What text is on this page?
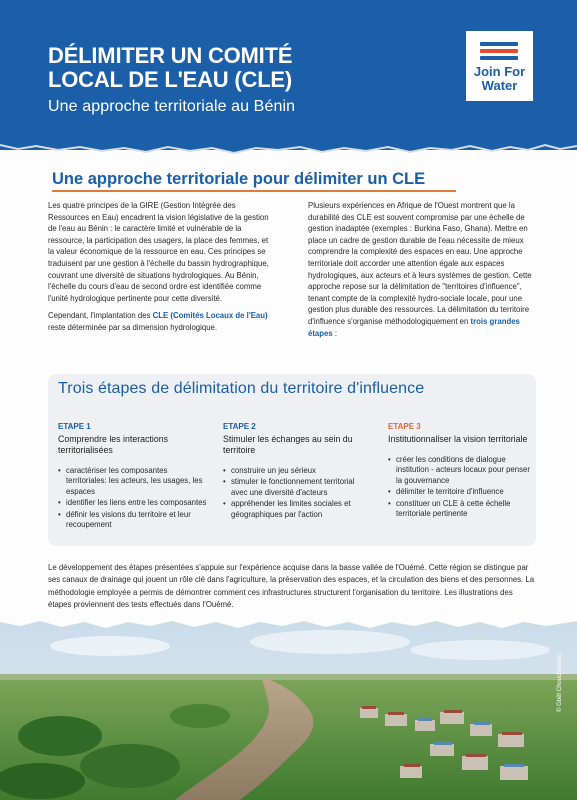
DÉLIMITER UN COMITÉ
LOCAL DE L'EAU (CLE)
Une approche territoriale au Bénin
Join For
Water
Une approche territoriale pour délimiter un CLE

Les quatre principes de la GIRE (Gestion Intégrée des Ressources en Eau) encadrent la vision législative de la gestion de l'eau au Bénin : le caractère limité et vulnérable de la ressource, la participation des usagers, la place des femmes, et la valeur économique de la ressource en eau. Ces principes se traduisent par une gestion à l'échelle du bassin hydrographique, couvrant une diversité de situations hydrologiques. Au Bénin, l'échelle du cours d'eau de second ordre est identifiée comme l'unité hydrologique pertinente pour cette diversité.

Cependant, l'implantation des CLE (Comités Locaux de l'Eau) reste déterminée par sa dimension hydrologique.

Plusieurs expériences en Afrique de l'Ouest montrent que la durabilité des CLE est souvent compromise par une échelle de gestion inadaptée (exemples : Burkina Faso, Ghana). Mettre en place un cadre de gestion durable de l'eau nécessite de mieux comprendre la complexité des espaces en eau. Une approche territoriale doit accorder une attention égale aux espaces hydrologiques, aux acteurs et à leurs systèmes de gestion. Cette approche repose sur la délimitation de "territoires d'influence", tenant compte de la complexité hydro-sociale locale, pour une gestion plus durable des ressources. La délimitation du territoire d'influence s'organise méthodologiquement en trois grandes étapes :

Trois étapes de délimitation du territoire d'influence
ETAPE 1
Comprendre les interactions territorialisées
• caractériser les composantes territoriales: les acteurs, les usages, les espaces
• identifier les liens entre les composantes
• définir les visions du territoire et leur recoupement
ETAPE 2
Stimuler les échanges au sein du territoire
• construire un jeu sérieux
• stimuler le fonctionnement territorial avec une diversité d'acteurs
• appréhender les limites sociales et géographiques par l'action
ETAPE 3
Institutionnaliser la vision territoriale
• créer les conditions de dialogue institution - acteurs locaux pour penser la gouvernance
• délimiter le territoire d'influence
• constituer un CLE à cette échelle territoriale pertinente
Le développement des étapes présentées s'appuie sur l'expérience acquise dans la basse vallée de l'Ouémé. Cette région se distingue par ses canaux de drainage qui jouent un rôle clé dans l'agriculture, la préservation des espaces, et la circulation des biens et des personnes. La méthodologie employée a permis de démontrer comment ces infrastructures structurent l'organisation du territoire. Les illustrations des étapes proviennent des tests effectués dans l'Ouémé.
© Gbêt Chouchoudou
